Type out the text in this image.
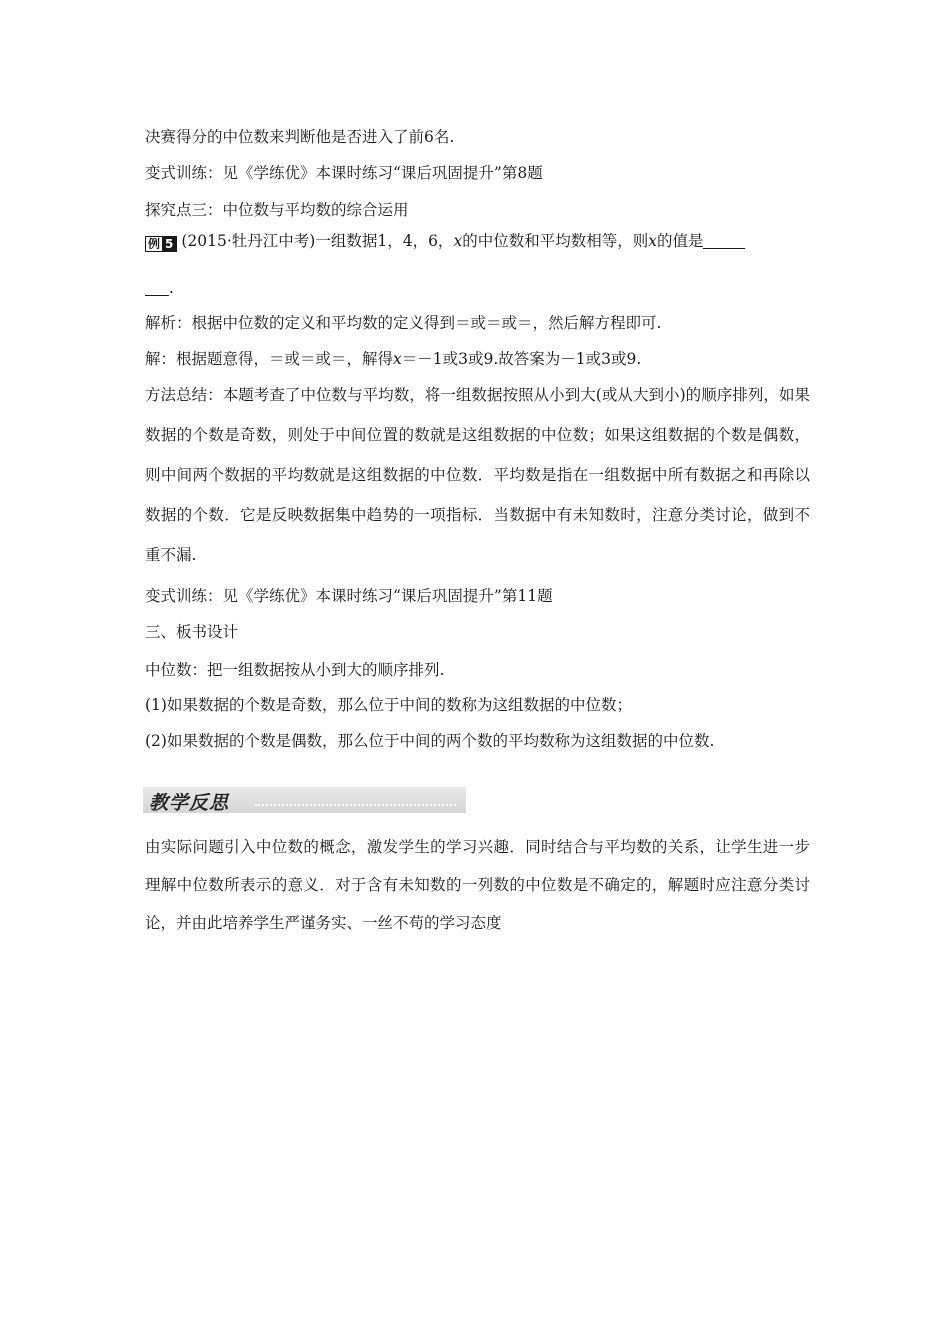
决赛得分的中位数来判断他是否进入了前6名.
变式训练：见《学练优》本课时练习“课后巩固提升”第8题
探究点三：中位数与平均数的综合运用
例 5 (2015·牡丹江中考)一组数据1，4，6，x的中位数和平均数相等，则x的值是
.
解析：根据中位数的定义和平均数的定义得到＝或＝或＝，然后解方程即可.
解：根据题意得，＝或＝或＝，解得x＝－1或3或9.故答案为－1或3或9.
方法总结：本题考查了中位数与平均数，将一组数据按照从小到大(或从大到小)的顺序排列，如果数据的个数是奇数，则处于中间位置的数就是这组数据的中位数；如果这组数据的个数是偶数，则中间两个数据的平均数就是这组数据的中位数．平均数是指在一组数据中所有数据之和再除以数据的个数．它是反映数据集中趋势的一项指标．当数据中有未知数时，注意分类讨论，做到不重不漏.
变式训练：见《学练优》本课时练习“课后巩固提升”第11题
三、板书设计
中位数：把一组数据按从小到大的顺序排列.
(1)如果数据的个数是奇数，那么位于中间的数称为这组数据的中位数；
(2)如果数据的个数是偶数，那么位于中间的两个数的平均数称为这组数据的中位数.
教学反思
由实际问题引入中位数的概念，激发学生的学习兴趣．同时结合与平均数的关系，让学生进一步理解中位数所表示的意义．对于含有未知数的一列数的中位数是不确定的，解题时应注意分类讨论，并由此培养学生严谨务实、一丝不苟的学习态度
